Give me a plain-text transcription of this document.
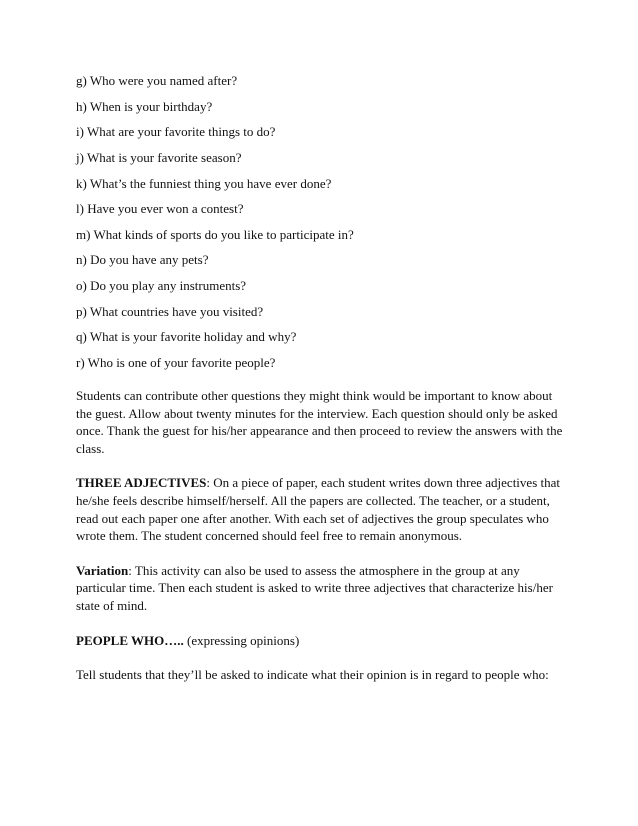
g) Who were you named after?
h) When is your birthday?
i) What are your favorite things to do?
j) What is your favorite season?
k) What’s the funniest thing you have ever done?
l) Have you ever won a contest?
m) What kinds of sports do you like to participate in?
n) Do you have any pets?
o) Do you play any instruments?
p) What countries have you visited?
q) What is your favorite holiday and why?
r) Who is one of your favorite people?

Students can contribute other questions they might think would be important to know about the guest. Allow about twenty minutes for the interview. Each question should only be asked once. Thank the guest for his/her appearance and then proceed to review the answers with the class.

THREE ADJECTIVES: On a piece of paper, each student writes down three adjectives that he/she feels describe himself/herself. All the papers are collected. The teacher, or a student, read out each paper one after another. With each set of adjectives the group speculates who wrote them. The student concerned should feel free to remain anonymous.

Variation: This activity can also be used to assess the atmosphere in the group at any particular time. Then each student is asked to write three adjectives that characterize his/her state of mind.

PEOPLE WHO….. (expressing opinions)

Tell students that they’ll be asked to indicate what their opinion is in regard to people who:
